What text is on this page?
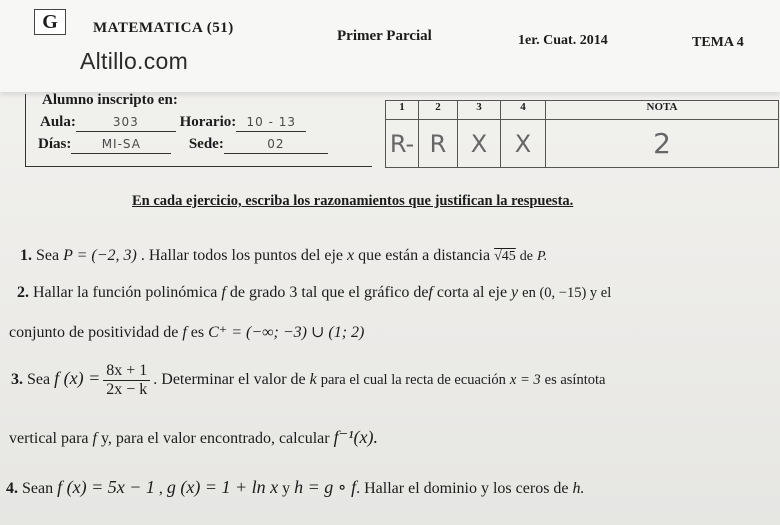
G	MATEMATICA (51)	Primer Parcial	1er. Cuat. 2014	TEMA 4
Altillo.com
Alumno inscripto en:
Aula:	303	Horario: 10 - 13
Días:	MI-SA	Sede:	02
1	2	3	4	NOTA
R-	R	X	X	2
En cada ejercicio, escriba los razonamientos que justifican la respuesta.
1. Sea P = (−2, 3) . Hallar todos los puntos del eje x que están a distancia √45 de P.
2. Hallar la función polinómica f de grado 3 tal que el gráfico def corta al eje y en (0, −15) y el
conjunto de positividad de f es C⁺ = (−∞; −3) ∪ (1; 2)
3. Sea f $(x) = \frac{8x + 1}{2x - k}$ . Determinar el valor de k para el cual la recta de ecuación x = 3 es asíntota
vertical para f y, para el valor encontrado, calcular f⁻¹(x).
4. Sean f (x) = 5x − 1 , g (x) = 1 + ln x y h = g ∘ f. Hallar el dominio y los ceros de h.
